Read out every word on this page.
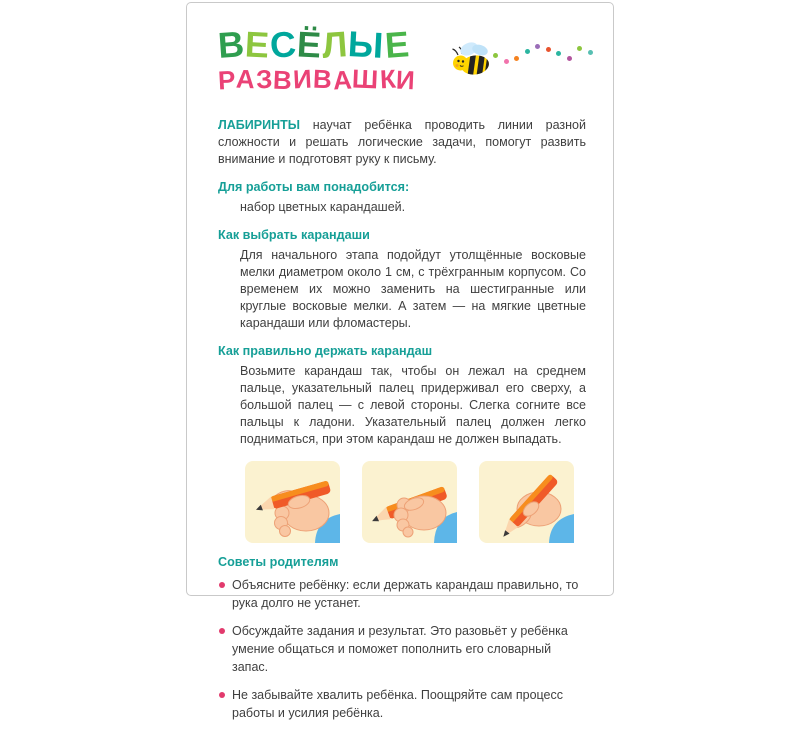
ВЕСЁЛЫЕ
РАЗВИВАШКИ

ЛАБИРИНТЫ научат ребёнка проводить линии разной сложности и решать логические задачи, помогут развить внимание и подготовят руку к письму.

Для работы вам понадобится:

набор цветных карандашей.

Как выбрать карандаши

Для начального этапа подойдут утолщённые восковые мелки диаметром около 1 см, с трёхгранным корпусом. Со временем их можно заменить на шестигранные или круглые восковые мелки. А затем — на мягкие цветные карандаши или фломастеры.

Как правильно держать карандаш

Возьмите карандаш так, чтобы он лежал на среднем пальце, указательный палец придерживал его сверху, а большой палец — с левой стороны. Слегка согните все пальцы к ладони. Указательный палец должен легко подниматься, при этом карандаш не должен выпадать.

Советы родителям
Объясните ребёнку: если держать карандаш правильно, то рука долго не устанет.
Обсуждайте задания и результат. Это разовьёт у ребёнка умение общаться и поможет пополнить его словарный запас.
Не забывайте хвалить ребёнка. Поощряйте сам процесс работы и усилия ребёнка.
